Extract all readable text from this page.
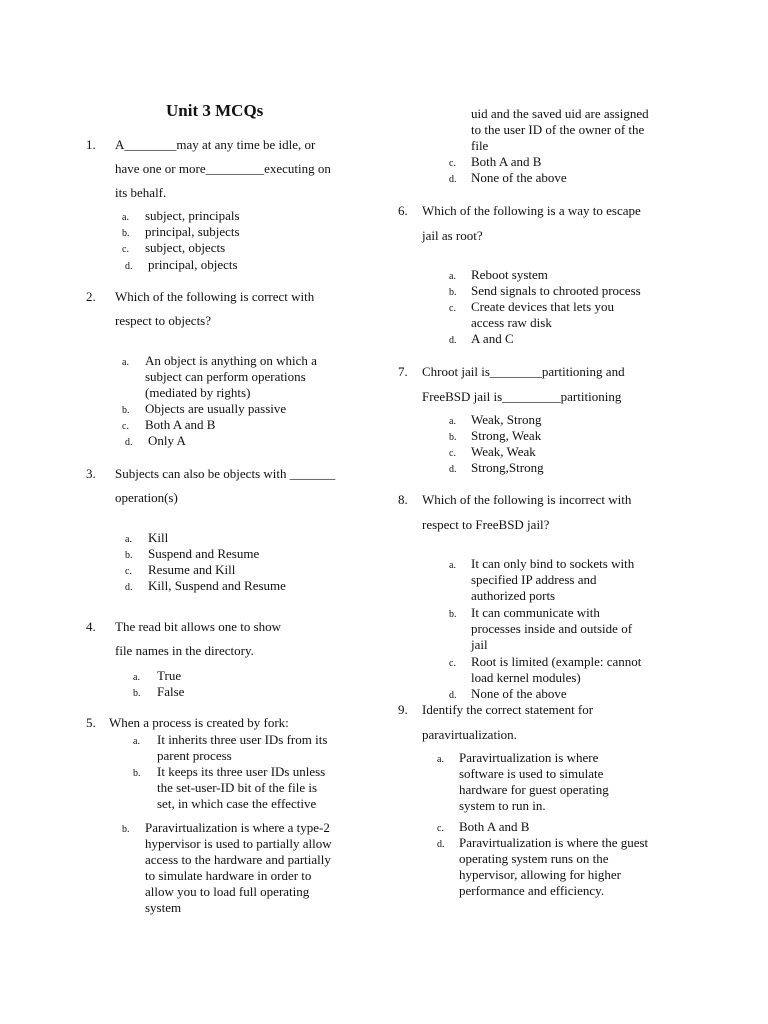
Unit 3 MCQs
1. A________may at any time be idle, or
have one or more_________executing on
its behalf.
a. subject, principals
b. principal, subjects
c. subject, objects
d. principal, objects
2. Which of the following is correct with
respect to objects?
a. An object is anything on which a
subject can perform operations
(mediated by rights)
b. Objects are usually passive
c. Both A and B
d. Only A
3. Subjects can also be objects with _______
operation(s)
a. Kill
b. Suspend and Resume
c. Resume and Kill
d. Kill, Suspend and Resume
4. The read bit allows one to show
file names in the directory.
a. True
b. False
5. When a process is created by fork:
a. It inherits three user IDs from its
parent process
b. It keeps its three user IDs unless
the set-user-ID bit of the file is
set, in which case the effective
b. Paravirtualization is where a type-2
hypervisor is used to partially allow
access to the hardware and partially
to simulate hardware in order to
allow you to load full operating
system
uid and the saved uid are assigned
to the user ID of the owner of the
file
c. Both A and B
d. None of the above
6. Which of the following is a way to escape
jail as root?
a. Reboot system
b. Send signals to chrooted process
c. Create devices that lets you
access raw disk
d. A and C
7. Chroot jail is________partitioning and
FreeBSD jail is_________partitioning
a. Weak, Strong
b. Strong, Weak
c. Weak, Weak
d. Strong,Strong
8. Which of the following is incorrect with
respect to FreeBSD jail?
a. It can only bind to sockets with
specified IP address and
authorized ports
b. It can communicate with
processes inside and outside of
jail
c. Root is limited (example: cannot
load kernel modules)
d. None of the above
9. Identify the correct statement for
paravirtualization.
a. Paravirtualization is where
software is used to simulate
hardware for guest operating
system to run in.
c. Both A and B
d. Paravirtualization is where the guest
operating system runs on the
hypervisor, allowing for higher
performance and efficiency.
